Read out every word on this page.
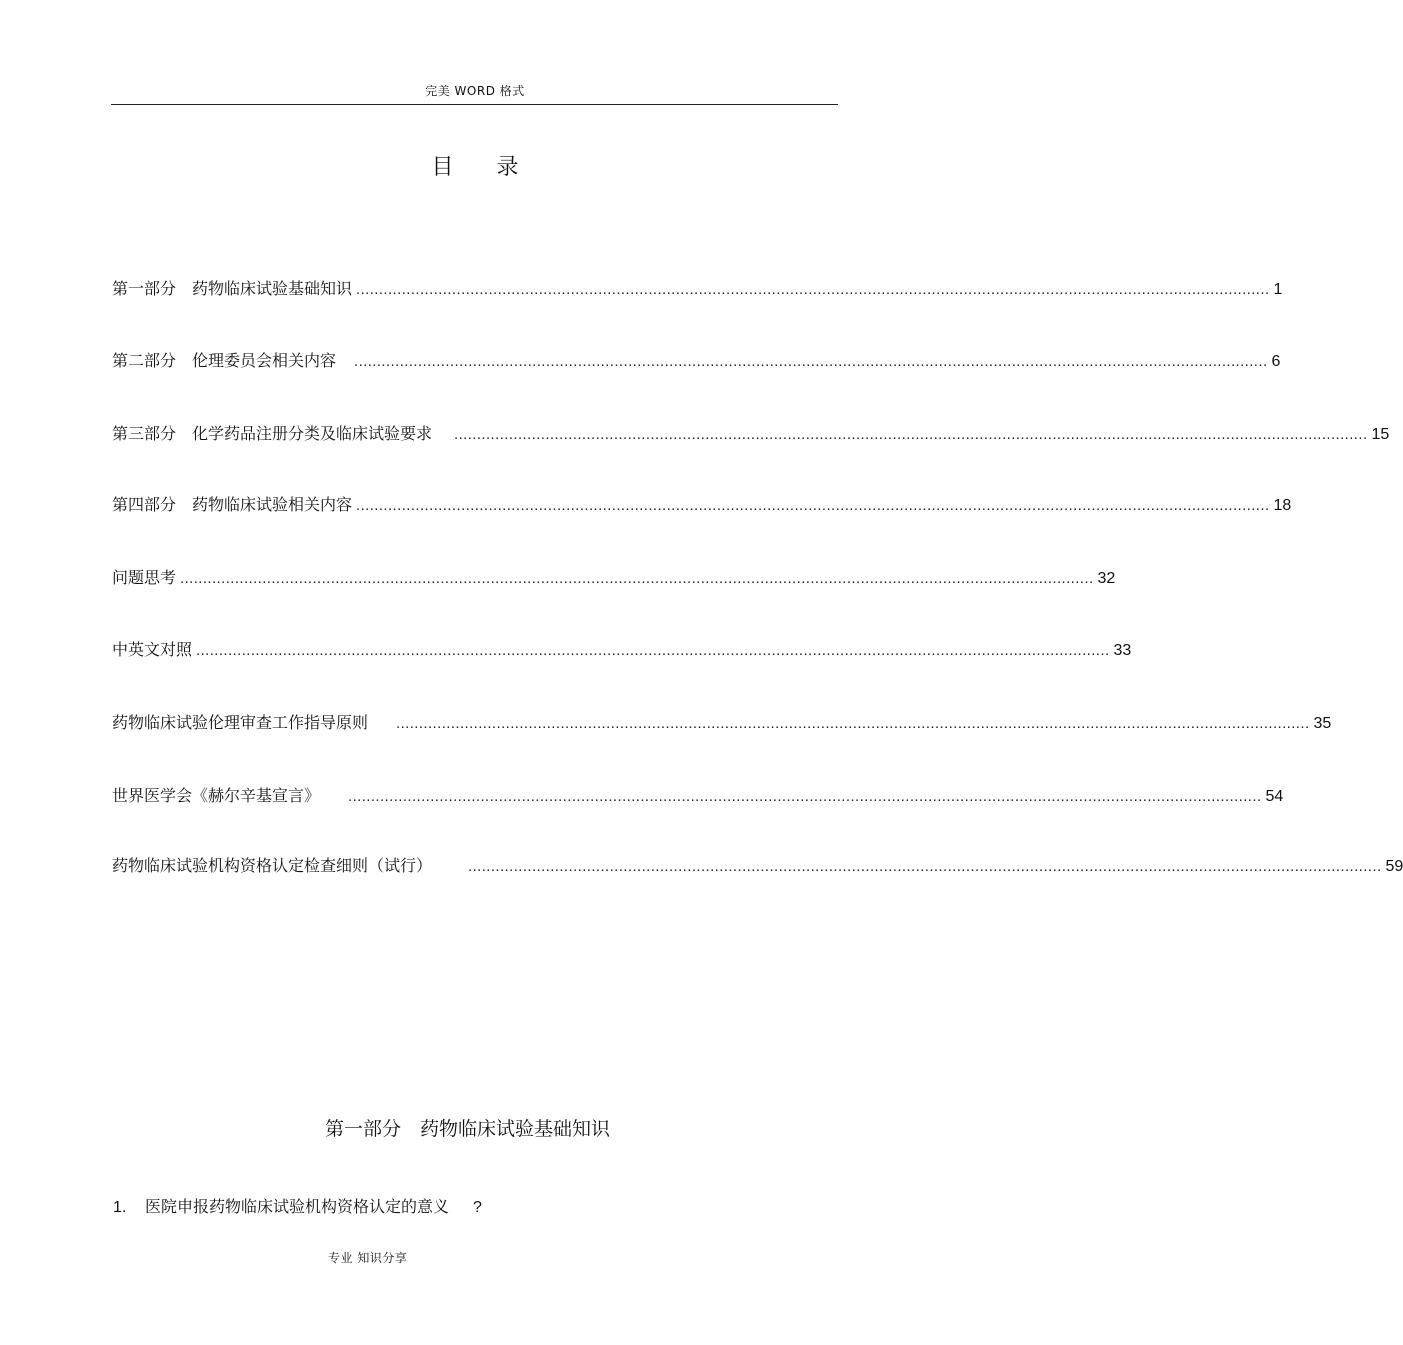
完美 WORD 格式
目 录
第一部分　药物临床试验基础知识 ........................................................................................................................................................................................................ 1
第二部分　伦理委员会相关内容 ........................................................................................................................................................................................................ 6
第三部分　化学药品注册分类及临床试验要求 ........................................................................................................................................................................................................ 15
第四部分　药物临床试验相关内容 ........................................................................................................................................................................................................ 18
问题思考 ........................................................................................................................................................................................................ 32
中英文对照 ........................................................................................................................................................................................................ 33
药物临床试验伦理审查工作指导原则 ........................................................................................................................................................................................................ 35
世界医学会《赫尔辛基宣言》 ........................................................................................................................................................................................................ 54
药物临床试验机构资格认定检查细则（试行） ........................................................................................................................................................................................................ 59
第一部分　药物临床试验基础知识
1. 医院申报药物临床试验机构资格认定的意义 ?
专业 知识分享
